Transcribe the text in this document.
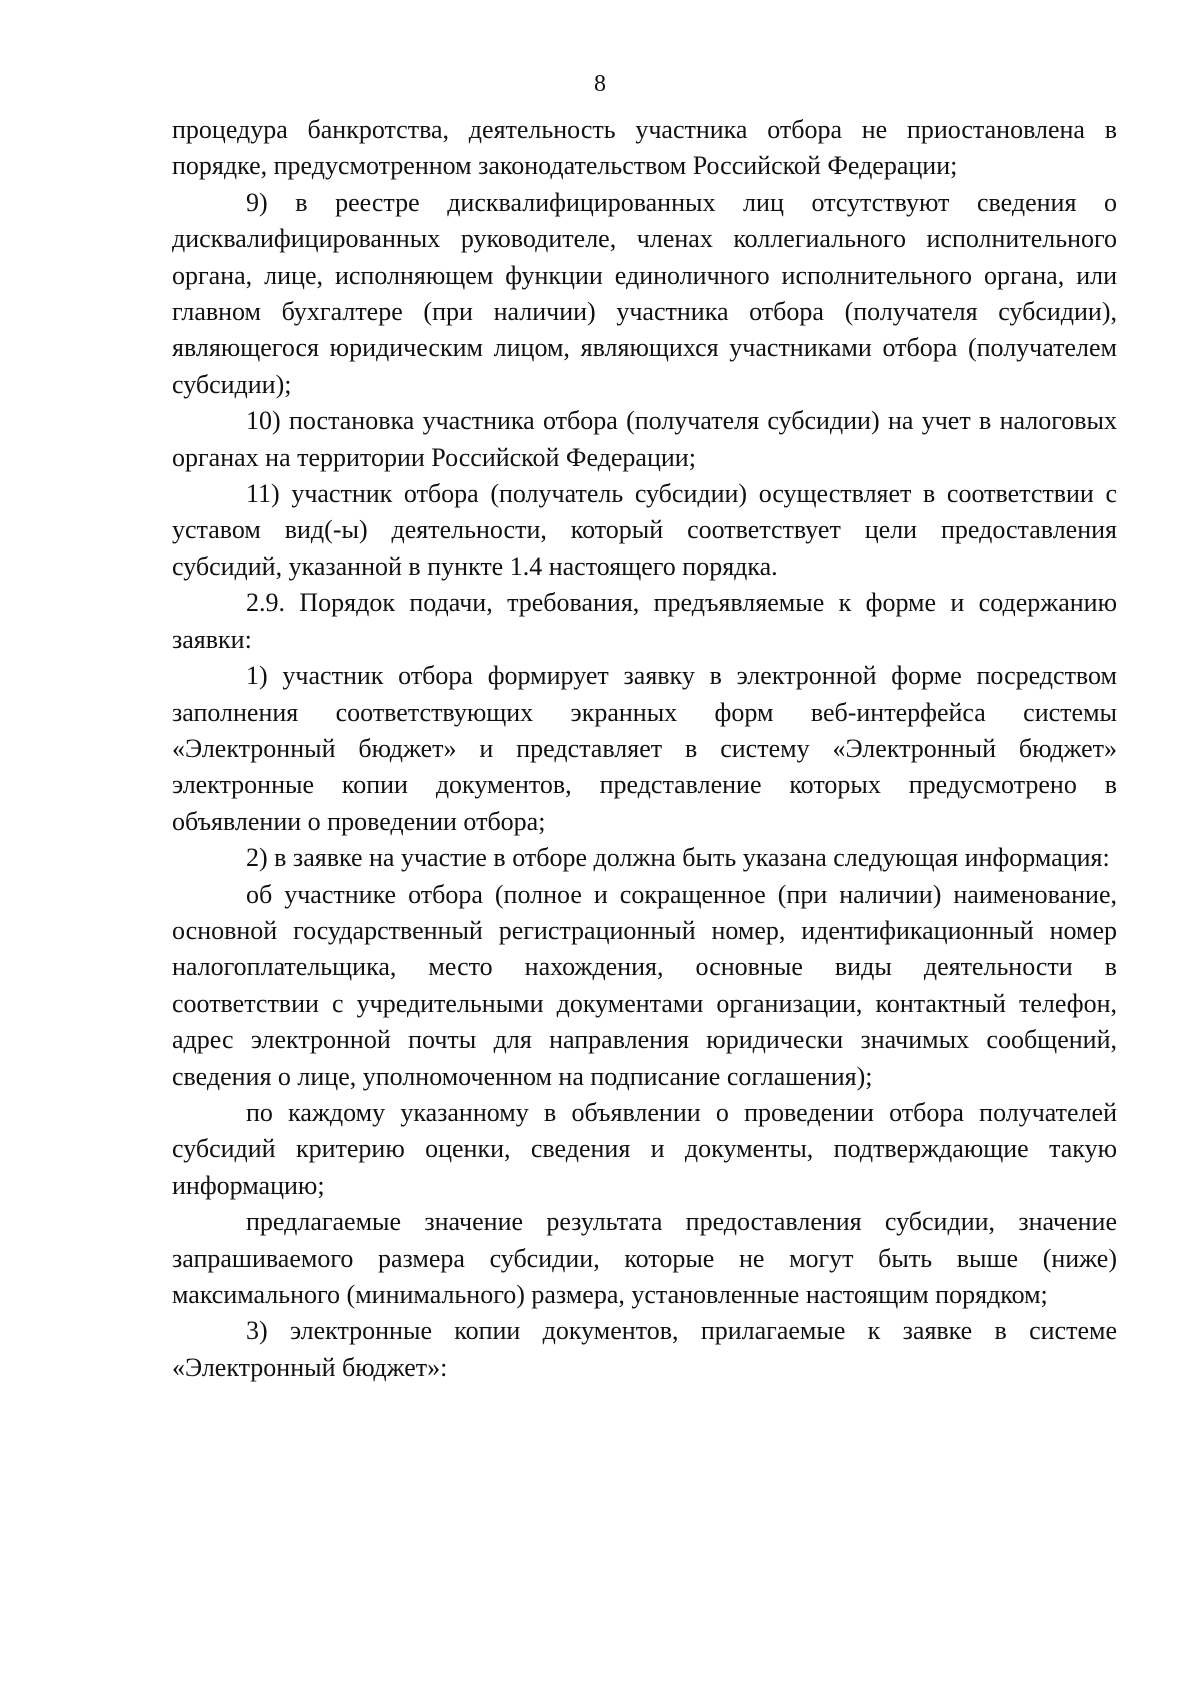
8

процедура банкротства, деятельность участника отбора не приостановлена в порядке, предусмотренном законодательством Российской Федерации;

9) в реестре дисквалифицированных лиц отсутствуют сведения о дисквалифицированных руководителе, членах коллегиального исполнительного органа, лице, исполняющем функции единоличного исполнительного органа, или главном бухгалтере (при наличии) участника отбора (получателя субсидии), являющегося юридическим лицом, являющихся участниками отбора (получателем субсидии);

10) постановка участника отбора (получателя субсидии) на учет в налоговых органах на территории Российской Федерации;

11) участник отбора (получатель субсидии) осуществляет в соответствии с уставом вид(-ы) деятельности, который соответствует цели предоставления субсидий, указанной в пункте 1.4 настоящего порядка.

2.9. Порядок подачи, требования, предъявляемые к форме и содержанию заявки:

1) участник отбора формирует заявку в электронной форме посредством заполнения соответствующих экранных форм веб-интерфейса системы «Электронный бюджет» и представляет в систему «Электронный бюджет» электронные копии документов, представление которых предусмотрено в объявлении о проведении отбора;

2) в заявке на участие в отборе должна быть указана следующая информация:

об участнике отбора (полное и сокращенное (при наличии) наименование, основной государственный регистрационный номер, идентификационный номер налогоплательщика, место нахождения, основные виды деятельности в соответствии с учредительными документами организации, контактный телефон, адрес электронной почты для направления юридически значимых сообщений, сведения о лице, уполномоченном на подписание соглашения);

по каждому указанному в объявлении о проведении отбора получателей субсидий критерию оценки, сведения и документы, подтверждающие такую информацию;

предлагаемые значение результата предоставления субсидии, значение запрашиваемого размера субсидии, которые не могут быть выше (ниже) максимального (минимального) размера, установленные настоящим порядком;

3) электронные копии документов, прилагаемые к заявке в системе «Электронный бюджет»:
